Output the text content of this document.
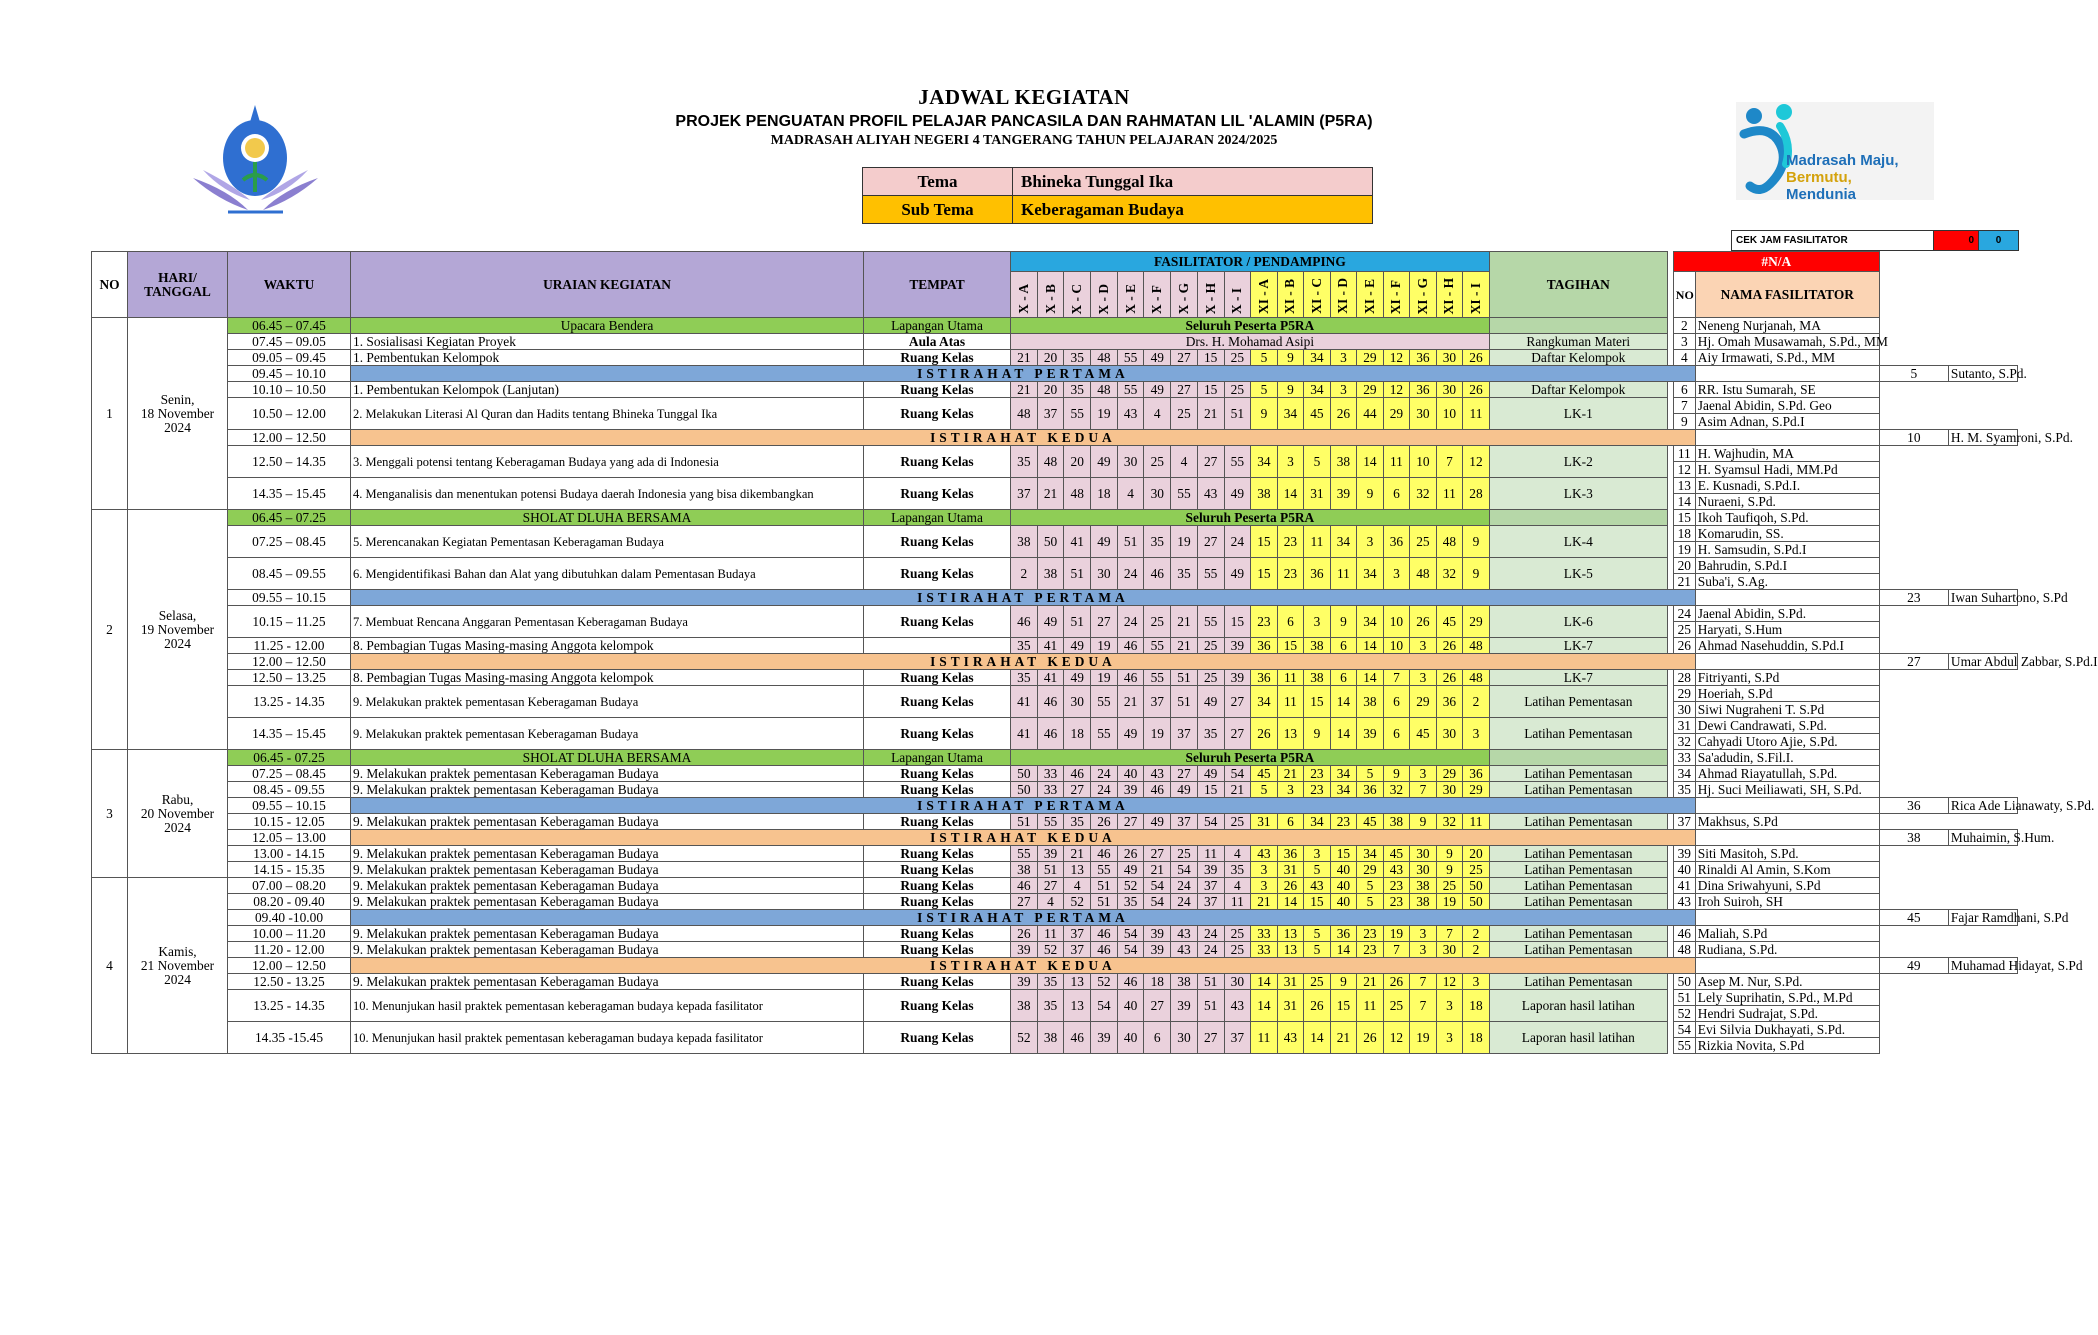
Madrasah Maju,
Bermutu,
Mendunia
JADWAL KEGIATAN
PROJEK PENGUATAN PROFIL PELAJAR PANCASILA DAN RAHMATAN LIL 'ALAMIN (P5RA)
MADRASAH ALIYAH NEGERI 4 TANGERANG TAHUN PELAJARAN 2024/2025
Tema	Bhineka Tunggal Ika
Sub Tema	Keberagaman Budaya
CEK JAM FASILITATOR	0	0
NO	HARI/ TANGGAL	WAKTU	URAIAN KEGIATAN	TEMPAT	FASILITATOR / PENDAMPING																		TAGIHAN		#N/A			
					X - A	X - B	X - C	X - D	X - E	X - F	X - G	X - H	X - I	XI - A	XI - B	XI - C	XI - D	XI - E	XI - F	XI - G	XI - H	XI - I			NO	NAMA FASILITATOR		

1	Senin,
18 November
2024	06.45 – 07.45	Upacara Bendera	Lapangan Utama	Seluruh Peserta P5RA																				2	Neneng Nurjanah, MA		
		07.45 – 09.05	1. Sosialisasi Kegiatan Proyek	Aula Atas	Drs. H. Mohamad Asipi																		Rangkuman Materi		3	Hj. Omah Musawamah, S.Pd., MM		
		09.05 – 09.45	1. Pembentukan Kelompok	Ruang Kelas	21	20	35	48	55	49	27	15	25	5	9	34	3	29	12	36	30	26	Daftar Kelompok		4	Aiy Irmawati, S.Pd., MM		
		09.45 – 10.10	ISTIRAHAT PERTAMA																								5	Sutanto, S.Pd.
		10.10 – 10.50	1. Pembentukan Kelompok (Lanjutan)	Ruang Kelas	21	20	35	48	55	49	27	15	25	5	9	34	3	29	12	36	30	26	Daftar Kelompok		6	RR. Istu Sumarah, SE		
		10.50 – 12.00	2. Melakukan Literasi Al Quran dan Hadits tentang Bhineka Tunggal Ika	Ruang Kelas	48	37	55	19	43	4	25	21	51	9	34	45	26	44	29	30	10	11	LK-1		7	Jaenal Abidin, S.Pd. Geo		
																									9	Asim Adnan, S.Pd.I		
		12.00 – 12.50	ISTIRAHAT KEDUA																								10	H. M. Syamroni, S.Pd.
		12.50 – 14.35	3. Menggali potensi tentang Keberagaman Budaya yang ada di Indonesia	Ruang Kelas	35	48	20	49	30	25	4	27	55	34	3	5	38	14	11	10	7	12	LK-2		11	H. Wajhudin, MA		
																									12	H. Syamsul Hadi, MM.Pd		
		14.35 – 15.45	4. Menganalisis dan menentukan potensi Budaya daerah Indonesia yang bisa dikembangkan	Ruang Kelas	37	21	48	18	4	30	55	43	49	38	14	31	39	9	6	32	11	28	LK-3		13	E. Kusnadi, S.Pd.I.		
																									14	Nuraeni, S.Pd.		
2	Selasa,
19 November
2024	06.45 – 07.25	SHOLAT DLUHA BERSAMA	Lapangan Utama	Seluruh Peserta P5RA																				15	Ikoh Taufiqoh, S.Pd.		
		07.25 – 08.45	5. Merencanakan Kegiatan Pementasan Keberagaman Budaya	Ruang Kelas	38	50	41	49	51	35	19	27	24	15	23	11	34	3	36	25	48	9	LK-4		18	Komarudin, SS.		
																									19	H. Samsudin, S.Pd.I		
		08.45 – 09.55	6. Mengidentifikasi Bahan dan Alat yang dibutuhkan dalam Pementasan Budaya	Ruang Kelas	2	38	51	30	24	46	35	55	49	15	23	36	11	34	3	48	32	9	LK-5		20	Bahrudin, S.Pd.I		
																									21	Suba'i, S.Ag.		
		09.55 – 10.15	ISTIRAHAT PERTAMA																								23	Iwan Suhartono, S.Pd
		10.15 – 11.25	7. Membuat Rencana Anggaran Pementasan Keberagaman Budaya	Ruang Kelas	46	49	51	27	24	25	21	55	15	23	6	3	9	34	10	26	45	29	LK-6		24	Jaenal Abidin, S.Pd.		
																									25	Haryati, S.Hum		
		11.25 - 12.00	8. Pembagian Tugas Masing-masing Anggota kelompok		35	41	49	19	46	55	21	25	39	36	15	38	6	14	10	3	26	48	LK-7		26	Ahmad Nasehuddin, S.Pd.I		
		12.00 – 12.50	ISTIRAHAT KEDUA																								27	Umar Abdul Zabbar, S.Pd.I
		12.50 – 13.25	8. Pembagian Tugas Masing-masing Anggota kelompok	Ruang Kelas	35	41	49	19	46	55	51	25	39	36	11	38	6	14	7	3	26	48	LK-7		28	Fitriyanti, S.Pd		
		13.25 - 14.35	9. Melakukan praktek pementasan Keberagaman Budaya	Ruang Kelas	41	46	30	55	21	37	51	49	27	34	11	15	14	38	6	29	36	2	Latihan Pementasan		29	Hoeriah, S.Pd		
																									30	Siwi Nugraheni T. S.Pd		
		14.35 – 15.45	9. Melakukan praktek pementasan Keberagaman Budaya	Ruang Kelas	41	46	18	55	49	19	37	35	27	26	13	9	14	39	6	45	30	3	Latihan Pementasan		31	Dewi Candrawati, S.Pd.		
																									32	Cahyadi Utoro Ajie, S.Pd.		
3	Rabu,
20 November
2024	06.45 - 07.25	SHOLAT DLUHA BERSAMA	Lapangan Utama	Seluruh Peserta P5RA																				33	Sa'adudin, S.Fil.I.		
		07.25 – 08.45	9. Melakukan praktek pementasan Keberagaman Budaya	Ruang Kelas	50	33	46	24	40	43	27	49	54	45	21	23	34	5	9	3	29	36	Latihan Pementasan		34	Ahmad Riayatullah, S.Pd.		
		08.45 - 09.55	9. Melakukan praktek pementasan Keberagaman Budaya	Ruang Kelas	50	33	27	24	39	46	49	15	21	5	3	23	34	36	32	7	30	29	Latihan Pementasan		35	Hj. Suci Meiliawati, SH, S.Pd.		
		09.55 – 10.15	ISTIRAHAT PERTAMA																								36	Rica Ade Lianawaty, S.Pd.
		10.15 - 12.05	9. Melakukan praktek pementasan Keberagaman Budaya	Ruang Kelas	51	55	35	26	27	49	37	54	25	31	6	34	23	45	38	9	32	11	Latihan Pementasan		37	Makhsus, S.Pd		
		12.05 – 13.00	ISTIRAHAT KEDUA																								38	Muhaimin, S.Hum.
		13.00 - 14.15	9. Melakukan praktek pementasan Keberagaman Budaya	Ruang Kelas	55	39	21	46	26	27	25	11	4	43	36	3	15	34	45	30	9	20	Latihan Pementasan		39	Siti Masitoh, S.Pd.		
		14.15 - 15.35	9. Melakukan praktek pementasan Keberagaman Budaya	Ruang Kelas	38	51	13	55	49	21	54	39	35	3	31	5	40	29	43	30	9	25	Latihan Pementasan		40	Rinaldi Al Amin, S.Kom		
4	Kamis,
21 November
2024	07.00 – 08.20	9. Melakukan praktek pementasan Keberagaman Budaya	Ruang Kelas	46	27	4	51	52	54	24	37	4	3	26	43	40	5	23	38	25	50	Latihan Pementasan		41	Dina Sriwahyuni, S.Pd		
		08.20 - 09.40	9. Melakukan praktek pementasan Keberagaman Budaya	Ruang Kelas	27	4	52	51	35	54	24	37	11	21	14	15	40	5	23	38	19	50	Latihan Pementasan		43	Iroh Suiroh, SH		
		09.40 -10.00	ISTIRAHAT PERTAMA																								45	Fajar Ramdhani, S.Pd
		10.00 – 11.20	9. Melakukan praktek pementasan Keberagaman Budaya	Ruang Kelas	26	11	37	46	54	39	43	24	25	33	13	5	36	23	19	3	7	2	Latihan Pementasan		46	Maliah, S.Pd		
		11.20 - 12.00	9. Melakukan praktek pementasan Keberagaman Budaya	Ruang Kelas	39	52	37	46	54	39	43	24	25	33	13	5	14	23	7	3	30	2	Latihan Pementasan		48	Rudiana, S.Pd.		
		12.00 – 12.50	ISTIRAHAT KEDUA																								49	Muhamad Hidayat, S.Pd
		12.50 - 13.25	9. Melakukan praktek pementasan Keberagaman Budaya	Ruang Kelas	39	35	13	52	46	18	38	51	30	14	31	25	9	21	26	7	12	3	Latihan Pementasan		50	Asep M. Nur, S.Pd.		
		13.25 - 14.35	10. Menunjukan hasil praktek pementasan keberagaman budaya kepada fasilitator	Ruang Kelas	38	35	13	54	40	27	39	51	43	14	31	26	15	11	25	7	3	18	Laporan hasil latihan		51	Lely Suprihatin, S.Pd., M.Pd		
																									52	Hendri Sudrajat, S.Pd.		
		14.35 -15.45	10. Menunjukan hasil praktek pementasan keberagaman budaya kepada fasilitator	Ruang Kelas	52	38	46	39	40	6	30	27	37	11	43	14	21	26	12	19	3	18	Laporan hasil latihan		54	Evi Silvia Dukhayati, S.Pd.		
																									55	Rizkia Novita, S.Pd		
